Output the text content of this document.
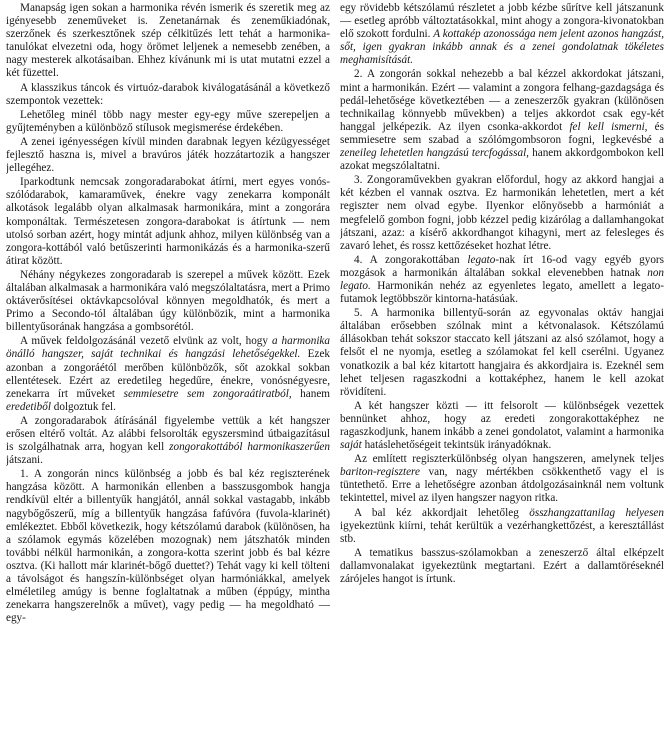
Manapság igen sokan a harmonika révén ismerik és szeretik meg az igényesebb zeneműveket is. Zenetanárnak és zeneműkiadónak, szerzőnek és szerkesztőnek szép célkitűzés lett tehát a harmonika-tanulókat elvezetni oda, hogy örömet leljenek a nemesebb zenében, a nagy mesterek alkotásaiban. Ehhez kívánunk mi is utat mutatni ezzel a két füzettel.

A klasszikus táncok és virtuóz-darabok kiválogatásánál a következő szempontok vezettek:

Lehetőleg minél több nagy mester egy-egy műve szerepeljen a gyűjteményben a különböző stílusok megismerése érdekében.

A zenei igényességen kívül minden darabnak legyen kézügyességet fejlesztő haszna is, mivel a bravúros játék hozzátartozik a hangszer jellegéhez.

Iparkodtunk nemcsak zongoradarabokat átírni, mert egyes vonós-szólódarabok, kamaraművek, énekre vagy zenekarra komponált alkotások legalább olyan alkalmasak harmonikára, mint a zongorára komponáltak. Természetesen zongora-darabokat is átírtunk — nem utolsó sorban azért, hogy mintát adjunk ahhoz, milyen különbség van a zongora-kottából való betűszerinti harmonikázás és a harmonika-szerű átirat között.

Néhány négykezes zongoradarab is szerepel a művek között. Ezek általában alkalmasak a harmonikára való megszólaltatásra, mert a Primo oktáverősítései oktávkapcsolóval könnyen megoldhatók, és mert a Primo a Secondo-tól általában úgy különbözik, mint a harmonika billentyűsorának hangzása a gombsorétól.

A művek feldolgozásánál vezető elvünk az volt, hogy a harmonika önálló hangszer, saját technikai és hangzási lehetőségekkel. Ezek azonban a zongoráétól merőben különbözők, sőt azokkal sokban ellentétesek. Ezért az eredetileg hegedűre, énekre, vonósnégyesre, zenekarra írt műveket semmiesetre sem zongoraátiratból, hanem eredetiből dolgoztuk fel.

A zongoradarabok átírásánál figyelembe vettük a két hangszer erősen eltérő voltát. Az alábbi felsorolták egyszersmind útbaigazításul is szolgálhatnak arra, hogyan kell zongorakottából harmonikaszerűen játszani.

1. A zongorán nincs különbség a jobb és bal kéz regiszterének hangzása között. A harmonikán ellenben a basszusgombok hangja rendkívül eltér a billentyűk hangjától, annál sokkal vastagabb, inkább nagybőgőszerű, míg a billentyűk hangzása fafúvóra (fuvola-klarinét) emlékeztet. Ebből következik, hogy kétszólamú darabok (különösen, ha a szólamok egymás közelében mozognak) nem játszhatók minden további nélkül harmonikán, a zongora-kotta szerint jobb és bal kézre osztva. (Ki hallott már klarinét-bőgő duettet?) Tehát vagy ki kell tölteni a távolságot és hangszín-különbséget olyan harmóniákkal, amelyek elméletileg amúgy is benne foglaltatnak a műben (éppúgy, mintha zenekarra hangszerelnők a művet), vagy pedig — ha megoldható — egy-

egy rövidebb kétszólamú részletet a jobb kézbe sűrítve kell játszanunk — esetleg apróbb változtatásokkal, mint ahogy a zongora-kivonatokban elő szokott fordulni. A kottakép azonossága nem jelent azonos hangzást, sőt, igen gyakran inkább annak és a zenei gondolatnak tökéletes meghamisítását.

2. A zongorán sokkal nehezebb a bal kézzel akkordokat játszani, mint a harmonikán. Ezért — valamint a zongora felhang-gazdagsága és pedál-lehetősége következtében — a zeneszerzők gyakran (különösen technikailag könnyebb művekben) a teljes akkordot csak egy-két hanggal jelképezik. Az ilyen csonka-akkordot fel kell ismerni, és semmiesetre sem szabad a szólómgombsoron fogni, legkevésbé a zeneileg lehetetlen hangzású tercfogással, hanem akkordgombokon kell azokat megszólaltatni.

3. Zongoraművekben gyakran előfordul, hogy az akkord hangjai a két kézben el vannak osztva. Ez harmonikán lehetetlen, mert a két regiszter nem olvad egybe. Ilyenkor előnyösebb a harmóniát a megfelelő gombon fogni, jobb kézzel pedig kizárólag a dallamhangokat játszani, azaz: a kísérő akkordhangot kihagyni, mert az felesleges és zavaró lehet, és rossz kettőzéseket hozhat létre.

4. A zongorakottában legato-nak írt 16-od vagy egyéb gyors mozgások a harmonikán általában sokkal elevenebben hatnak non legato. Harmonikán nehéz az egyenletes legato, amellett a legato-futamok legtöbbször kintorna-hatásúak.

5. A harmonika billentyű-során az egyvonalas oktáv hangjai általában erősebben szólnak mint a kétvonalasok. Kétszólamú állásokban tehát sokszor staccato kell játszani az alsó szólamot, hogy a felsőt el ne nyomja, esetleg a szólamokat fel kell cserélni. Ugyanez vonatkozik a bal kéz kitartott hangjaira és akkordjaira is. Ezeknél sem lehet teljesen ragaszkodni a kottaképhez, hanem le kell azokat rövidíteni.

A két hangszer közti — itt felsorolt — különbségek vezettek bennünket ahhoz, hogy az eredeti zongorakottaképhez ne ragaszkodjunk, hanem inkább a zenei gondolatot, valamint a harmonika saját hatáslehetőségeit tekintsük irányadóknak.

Az említett regiszterkülönbség olyan hangszeren, amelynek teljes bariton-regisztere van, nagy mértékben csökkenthető vagy el is tüntethető. Erre a lehetőségre azonban átdolgozásainknál nem voltunk tekintettel, mivel az ilyen hangszer nagyon ritka.

A bal kéz akkordjait lehetőleg összhangzattanilag helyesen igyekeztünk kiírni, tehát kerültük a vezérhangkettőzést, a keresztállást stb.

A tematikus basszus-szólamokban a zeneszerző által elképzelt dallamvonalakat igyekeztünk megtartani. Ezért a dallamtöréseknél zárójeles hangot is írtunk.
